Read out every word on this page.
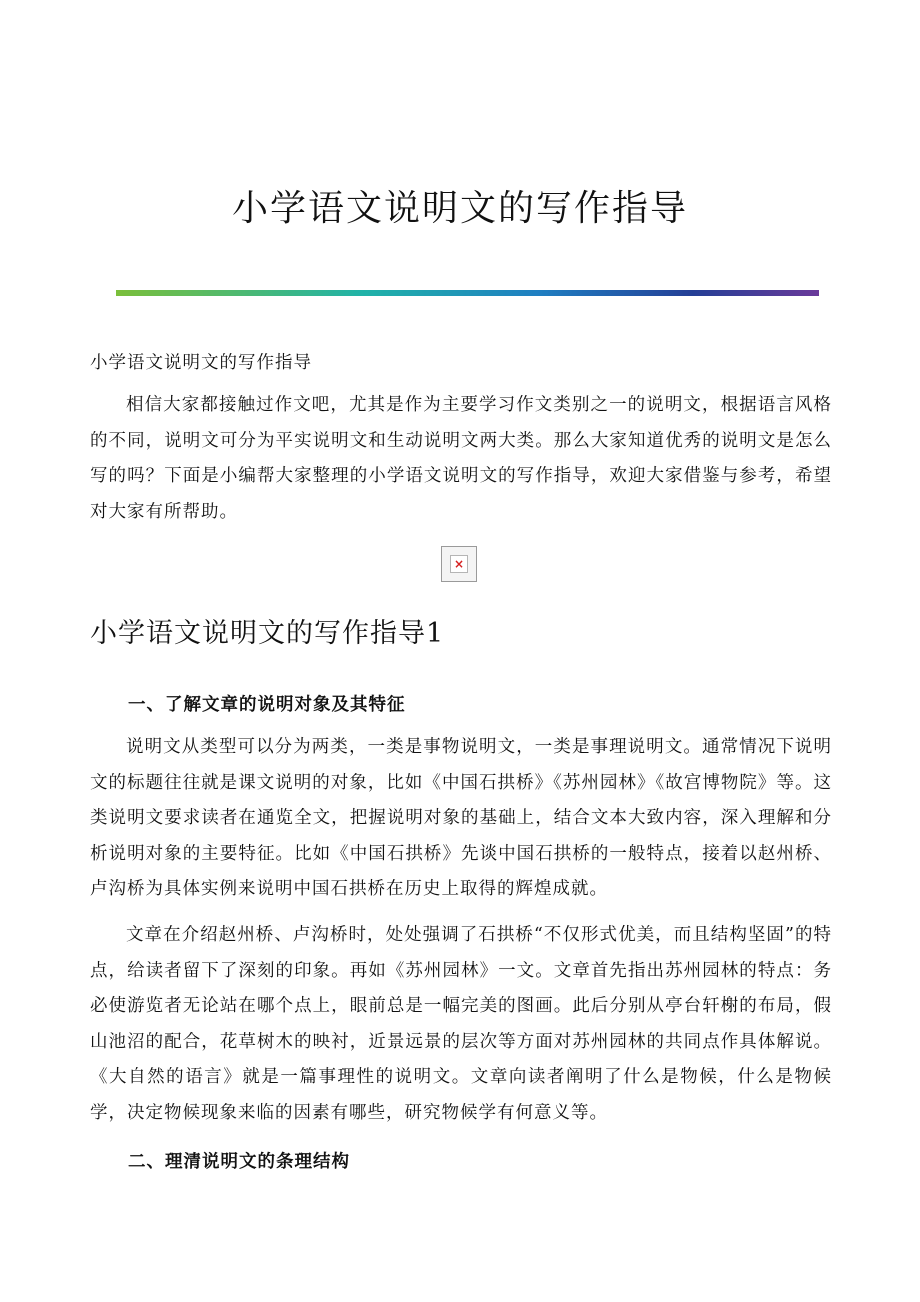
小学语文说明文的写作指导

小学语文说明文的写作指导

相信大家都接触过作文吧，尤其是作为主要学习作文类别之一的说明文，根据语言风格的不同，说明文可分为平实说明文和生动说明文两大类。那么大家知道优秀的说明文是怎么写的吗？下面是小编帮大家整理的小学语文说明文的写作指导，欢迎大家借鉴与参考，希望对大家有所帮助。

×
小学语文说明文的写作指导1
一、了解文章的说明对象及其特征

说明文从类型可以分为两类，一类是事物说明文，一类是事理说明文。通常情况下说明文的标题往往就是课文说明的对象，比如《中国石拱桥》《苏州园林》《故宫博物院》等。这类说明文要求读者在通览全文，把握说明对象的基础上，结合文本大致内容，深入理解和分析说明对象的主要特征。比如《中国石拱桥》先谈中国石拱桥的一般特点，接着以赵州桥、卢沟桥为具体实例来说明中国石拱桥在历史上取得的辉煌成就。

文章在介绍赵州桥、卢沟桥时，处处强调了石拱桥“不仅形式优美，而且结构坚固”的特点，给读者留下了深刻的印象。再如《苏州园林》一文。文章首先指出苏州园林的特点：务必使游览者无论站在哪个点上，眼前总是一幅完美的图画。此后分别从亭台轩榭的布局，假山池沼的配合，花草树木的映衬，近景远景的层次等方面对苏州园林的共同点作具体解说。《大自然的语言》就是一篇事理性的说明文。文章向读者阐明了什么是物候，什么是物候学，决定物候现象来临的因素有哪些，研究物候学有何意义等。

二、理清说明文的条理结构
